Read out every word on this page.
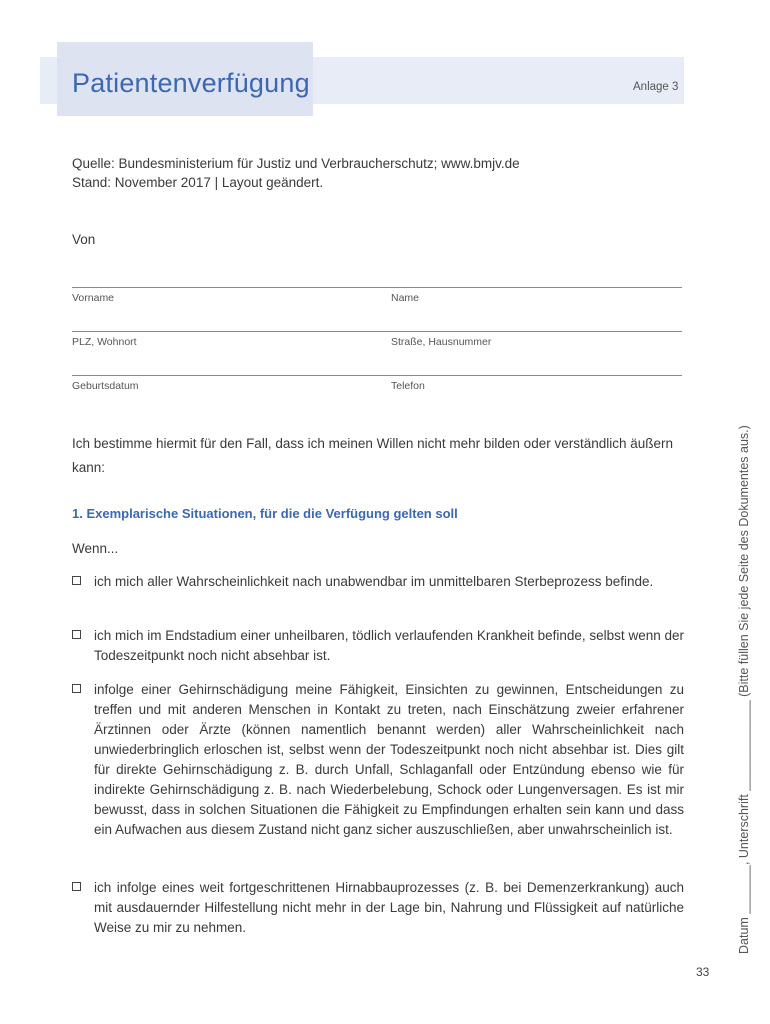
Patientenverfügung	Anlage 3
Quelle: Bundesministerium für Justiz und Verbraucherschutz; www.bmjv.de
Stand: November 2017 | Layout geändert.
Von
Vorname	Name
PLZ, Wohnort	Straße, Hausnummer
Geburtsdatum	Telefon
Ich bestimme hiermit für den Fall, dass ich meinen Willen nicht mehr bilden oder verständlich äußern kann:
1. Exemplarische Situationen, für die die Verfügung gelten soll
Wenn...
ich mich aller Wahrscheinlichkeit nach unabwendbar im unmittelbaren Sterbeprozess befinde.
ich mich im Endstadium einer unheilbaren, tödlich verlaufenden Krankheit befinde, selbst wenn der Todeszeitpunkt noch nicht absehbar ist.
infolge einer Gehirnschädigung meine Fähigkeit, Einsichten zu gewinnen, Entscheidungen zu treffen und mit anderen Menschen in Kontakt zu treten, nach Einschätzung zweier erfahrener Ärztinnen oder Ärzte (können namentlich benannt werden) aller Wahrscheinlichkeit nach unwiederbringlich erloschen ist, selbst wenn der Todeszeitpunkt noch nicht absehbar ist. Dies gilt für direkte Gehirnschädigung z. B. durch Unfall, Schlaganfall oder Entzündung ebenso wie für indirekte Gehirnschädigung z. B. nach Wiederbelebung, Schock oder Lungenversagen. Es ist mir bewusst, dass in solchen Situationen die Fähigkeit zu Empfindungen erhalten sein kann und dass ein Aufwachen aus diesem Zustand nicht ganz sicher auszuschließen, aber unwahrscheinlich ist.
ich infolge eines weit fortgeschrittenen Hirnabbauprozesses (z. B. bei Demenzerkrankung) auch mit ausdauernder Hilfestellung nicht mehr in der Lage bin, Nahrung und Flüssigkeit auf natürliche Weise zu mir zu nehmen.	Datum _______, Unterschrift _____________ (Bitte füllen Sie jede Seite des Dokumentes aus.)
33
